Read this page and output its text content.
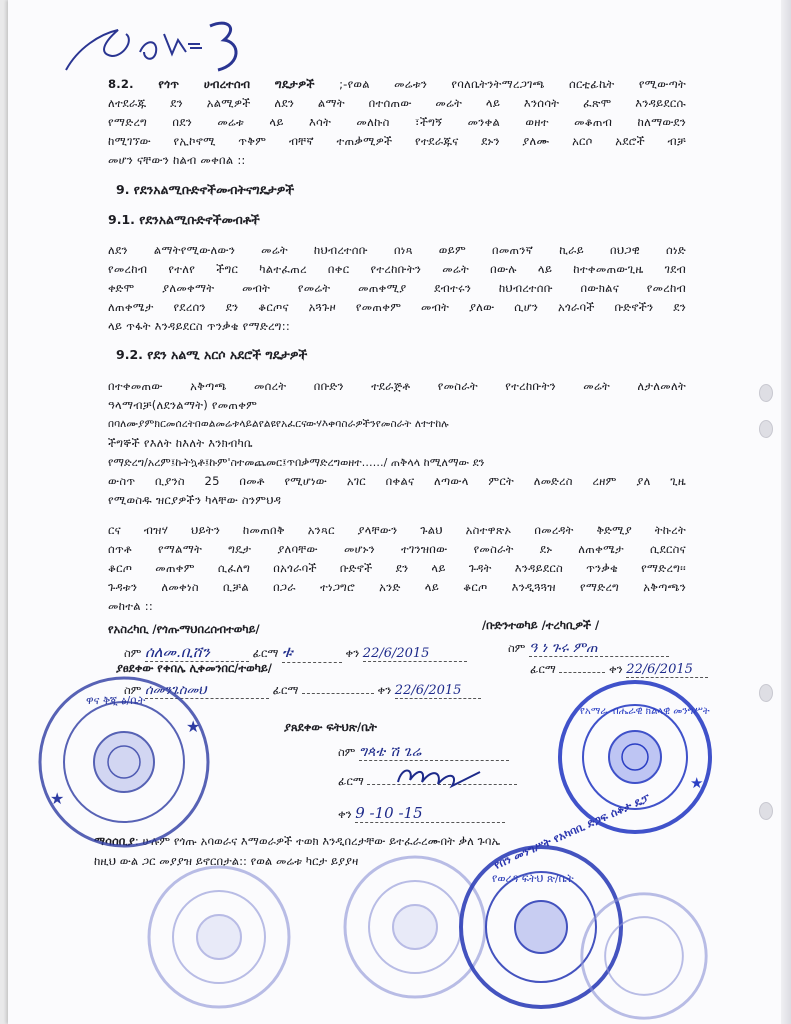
8.2. የጎጥ ሀብረተሰብ ግዴታዎች ;-የወል መሬቱን የባለቤትንትማረጋገጫ ሰርቲፊኬት የሚውጣት

ለተደራጁ ደን አልሚዎች ለደን ልማት በተሰጠው መሬት ላይ እንሰሳት ፈጽሞ እንዳይደርሱ

የማድረግ በደን መሬቱ ላይ እሳት መለኩስ ፣ችግኝ መንቀል ወዘተ መቆጠብ ከለማውደን

ከሚገኘው የኢኮኖሚ ጥቅም ብቸኛ ተጠቃሚዎች የተደራጁና ደኑን ያለሙ አርሶ አደሮች ብቻ

መሆን ናቸውን ከልብ መቀበል ::

9. የደንአልሚቡድኖችመብትናግዴታዎች

9.1. የደንአልሚቡድኖችመብቶች

ለደን ልማትየሚውለውን መሬት ከህብረተሰቡ በነጻ ወይም በመጠንኛ ኪራይ በህጋዊ ሰነድ

የመረከብ የተለየ ችግር ካልተፈጠረ በቀር የተረከቡትን መሬት በውሉ ላይ ከተቀመጠውጊዜ ገደብ

ቀድሞ ያለመቀማት መብት የመሬት መጠቀሚያ ደብተሩን ከህብረተሰቡ በውክልና የመረከብ

ለጠቀሜታ የደረሰን ደን ቆርጦና አጓጉዞ የመጠቀም መብት ያለው ሲሆን አጎራባች ቡድኖችን ደን

ላይ ጥፋት እንዳይደርስ ጥንቃቄ የማድረግ::

9.2. የደን አልሚ አርሶ አደሮች ግዴታዎች

በተቀመጠው አቅጣጫ መሰረት በቡድን ተደራጅቶ የመስራት የተረከቡትን መሬት ለታለመለት

ዓላማብቻ(ለደንልማት) የመጠቀም

በባለሙያምክርመሰረትበወልመሬቱላይልየልዩየአፈርናውሃእቀባስራዎችንየመስራት ለተተከሉ

ችግኞች የእለት ከእለት እንክብካቤ

የማድረግ/አረም፤ኩትኳቶ፤ኩም'ስተመጨመር፤ጥበቃማድረግወዘተ……/ ጠቅላላ ከሚለማው ደን

ውስጥ ቢያንስ 25 በመቶ የሚሆነው አገር በቀልና ለጣውላ ምርት ለመድረስ ረዘም ያለ ጊዜ

የሚወስዱ ዝርያዎችን ካላቸው ስንምህዳ

ርና ብዝሃ ህይትን ከመጠበቅ አንጻር ያላቸውን ጉልህ አስተዋጽኦ በመረዳት ቅድሚያ ትኩረት

ሰጥቶ የማልማት ግዴታ ያለባቸው መሆኑን ተገንዝበው የመስራት ደኑ ለጠቀሜታ ሲደርስና

ቆርጦ መጠቀም ሲፈለግ በአጎራባች ቡድኖች ደን ላይ ጉዳት እንዳይደርስ ጥንቃቄ የማድረግ፡፡

ጉዳቱን ለመቀነስ ቢቻል በጋራ ተነጋግሮ አንድ ላይ ቆርጦ እንዲጓጓዝ የማድረግ አቅጣጫን

መከተል ::

የአስረካቢ /የጎጡማህበረሰብተወካይ/	/ቡድንተወካይ /ተረካቢዎች /
ስም ሰለመ.ቢሸን	ፊርማ ቱ	ቀን 22/6/2015	ስም ዓ ነ ጉሩ ምጠ
ፊርማ	ቀን 22/6/2015
ያፀደቀው የቀበሌ ሊቀመንበር/ተወካይ/
ስም ሰመንጌስመህ	ፊርማ	ቀን 22/6/2015
ያጸደቀው ፍትህጽ/ቤት
ስም ግጳቴ ሽ ጌሬ
ፊርማ
ቀን 9 -10 -15
ማሳሰቢያ: ሁሉም የጎጡ አባወራና እማወራዎች ተወክ እንዲበረታቸው ይተፈራረሙበት ቃለ ጉባኤ
ከዚህ ውል ጋር መያያዝ ይኖርበታል:: የወል መሬቱ ካርታ ይያያዛ
★
★
ዋና ቅጂ ፅ/ቤት
የአማራ ብሔራዊ ክልላዊ መንግሥት
★
የወረዳ ፍትህ ጽ/ቤት
የበን መንግሥት የአካባቢ ድጋፍ ሰቆታ ዴፓ
